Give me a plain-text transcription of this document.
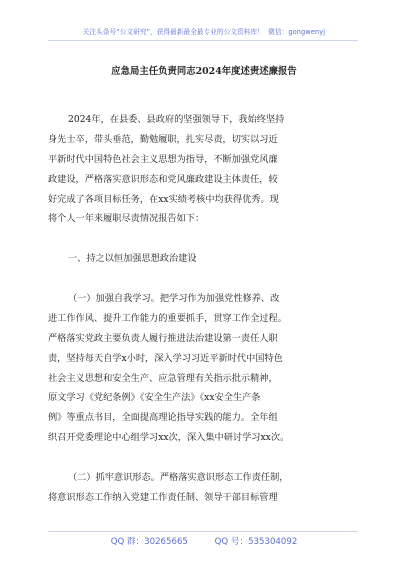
关注头条号“公文研究”，获得最新最全最专业的公文资料库！ 微信：gongwenyj
应急局主任负责同志2024年度述责述廉报告
2024年，在县委、县政府的坚强领导下，我始终坚持
身先士卒，带头垂范，勤勉履职，扎实尽责，切实以习近
平新时代中国特色社会主义思想为指导，不断加强党风廉
政建设，严格落实意识形态和党风廉政建设主体责任，较
好完成了各项目标任务，在xx实绩考核中均获得优秀。现
将个人一年来履职尽责情况报告如下：
一、持之以恒加强思想政治建设
（一）加强自我学习。把学习作为加强党性修养、改
进工作作风、提升工作能力的重要抓手，贯穿工作全过程。
严格落实党政主要负责人履行推进法治建设第一责任人职
责，坚持每天自学x小时，深入学习习近平新时代中国特色
社会主义思想和安全生产、应急管理有关指示批示精神，
原文学习《党纪条例》《安全生产法》《xx安全生产条
例》等重点书目，全面提高理论指导实践的能力。全年组
织召开党委理论中心组学习xx次，深入集中研讨学习xx次。
（二）抓牢意识形态。严格落实意识形态工作责任制，
将意识形态工作纳入党建工作责任制、领导干部目标管理
QQ 群：30265665	QQ 号：535304092
